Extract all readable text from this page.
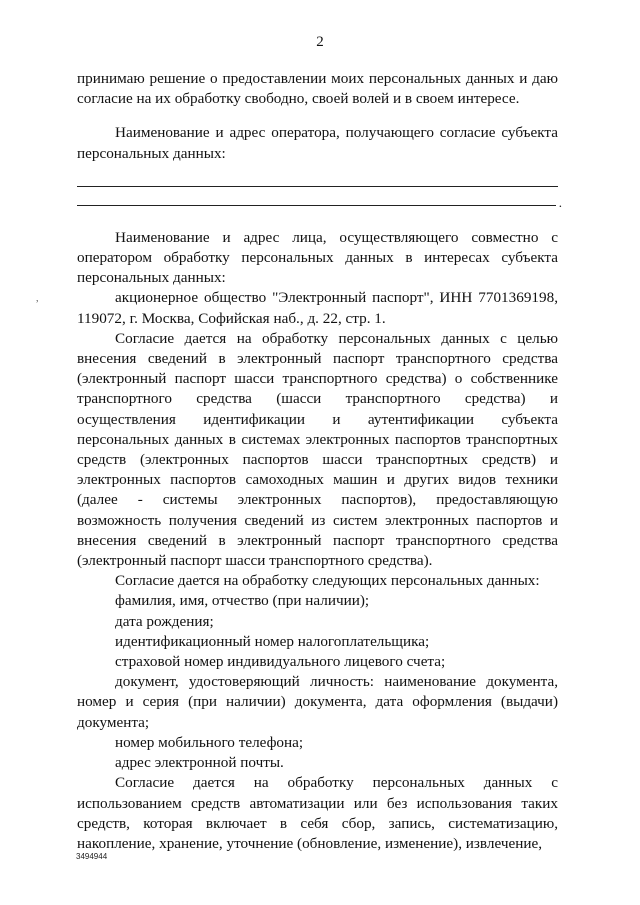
2

принимаю решение о предоставлении моих персональных данных и даю согласие на их обработку свободно, своей волей и в своем интересе.

Наименование и адрес оператора, получающего согласие субъекта персональных данных:

.

Наименование и адрес лица, осуществляющего совместно с оператором обработку персональных данных в интересах субъекта персональных данных:

акционерное общество "Электронный паспорт", ИНН 7701369198, 119072, г. Москва, Софийская наб., д. 22, стр. 1.

Согласие дается на обработку персональных данных с целью внесения сведений в электронный паспорт транспортного средства (электронный паспорт шасси транспортного средства) о собственнике транспортного средства (шасси транспортного средства) и осуществления идентификации и аутентификации субъекта персональных данных в системах электронных паспортов транспортных средств (электронных паспортов шасси транспортных средств) и электронных паспортов самоходных машин и других видов техники (далее - системы электронных паспортов), предоставляющую возможность получения сведений из систем электронных паспортов и внесения сведений в электронный паспорт транспортного средства (электронный паспорт шасси транспортного средства).

Согласие дается на обработку следующих персональных данных:

фамилия, имя, отчество (при наличии);

дата рождения;

идентификационный номер налогоплательщика;

страховой номер индивидуального лицевого счета;

документ, удостоверяющий личность: наименование документа, номер и серия (при наличии) документа, дата оформления (выдачи) документа;

номер мобильного телефона;

адрес электронной почты.

Согласие дается на обработку персональных данных с использованием средств автоматизации или без использования таких средств, которая включает в себя сбор, запись, систематизацию, накопление, хранение, уточнение (обновление, изменение), извлечение,

,
3494944
